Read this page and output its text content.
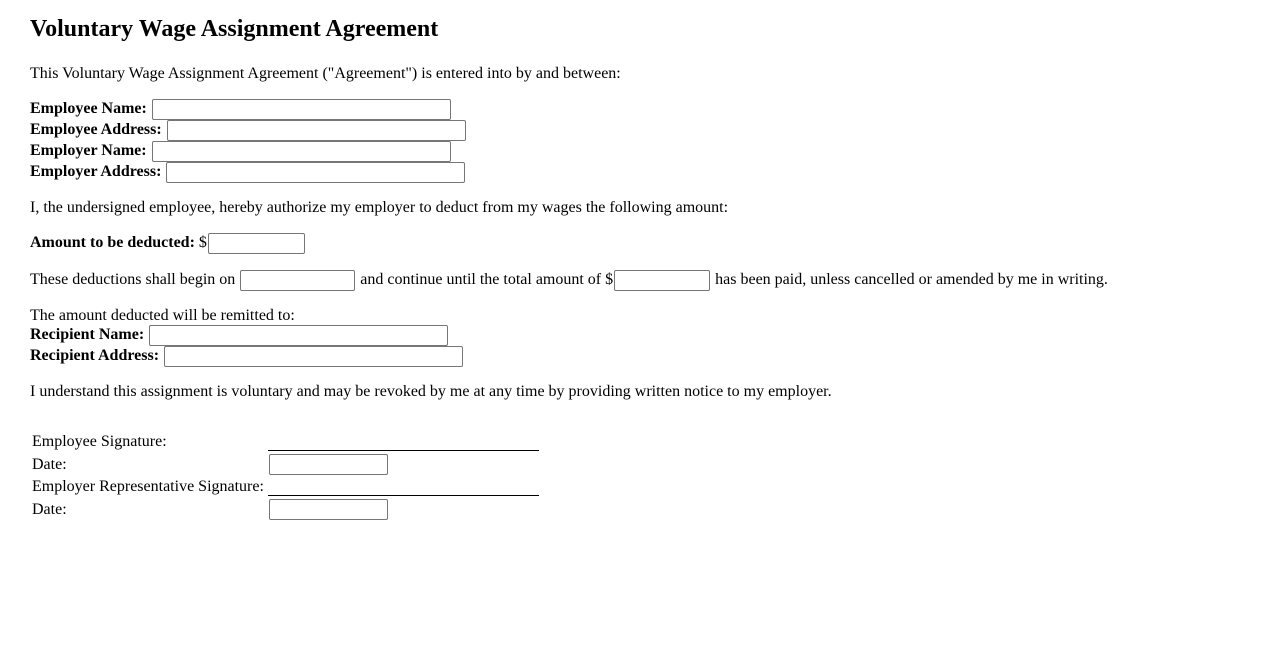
Voluntary Wage Assignment Agreement

This Voluntary Wage Assignment Agreement ("Agreement") is entered into by and between:

Employee Name:
Employee Address:
Employer Name:
Employer Address:

I, the undersigned employee, hereby authorize my employer to deduct from my wages the following amount:

Amount to be deducted: $

These deductions shall begin on	and continue until the total amount of $	has been paid, unless cancelled or amended by me in writing.

The amount deducted will be remitted to:
Recipient Name:
Recipient Address:

I understand this assignment is voluntary and may be revoked by me at any time by providing written notice to my employer.

Employee Signature:
Date:
Employer Representative Signature:
Date:
